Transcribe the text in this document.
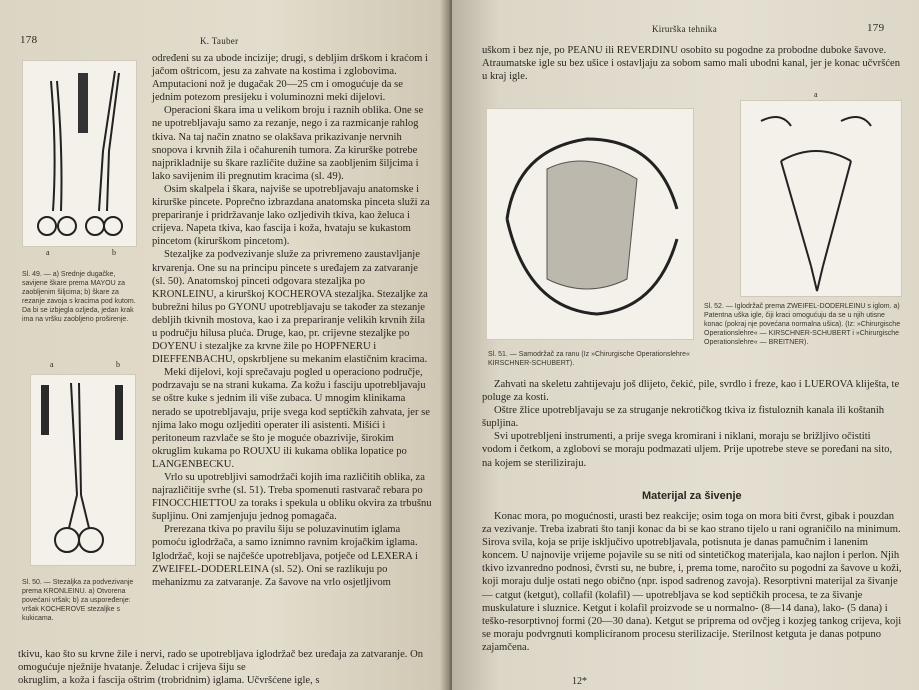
178	K. Tauber
a	b
Sl. 49. — a) Srednje dugačke, savijene škare prema MAYOU za zaobljenim šiljcima; b) škare za rezanje zavoja s kracima pod kutom. Da bi se izbjegla ozljeda, jedan krak ima na vršku zaobljeno proširenje.
a	b
Sl. 50. — Stezaljka za podvezivanje prema KRONLEINU. a) Otvorena povećani vršak; b) za uspoređenje: vršak KOCHEROVE stezaljke s kukicama.

određeni su za ubode incizije; drugi, s debljim drškom i kraćom i jačom oštricom, jesu za zahvate na kostima i zglobovima. Amputacioni nož je dugačak 20—25 cm i omogućuje da se jednim potezom presijeku i voluminozni meki dijelovi.

Operacioni škara ima u velikom broju i raznih oblika. One se ne upotrebljavaju samo za rezanje, nego i za razmicanje rahlog tkiva. Na taj način znatno se olakšava prikazivanje nervnih snopova i krvnih žila i očahurenih tumora. Za kirurške potrebe najprikladnije su škare različite dužine sa zaobljenim šiljcima i lako savijenim ili pregnutim kracima (sl. 49).

Osim skalpela i škara, najviše se upotrebljavaju anatomske i kirurške pincete. Poprečno izbrazdana anatomska pinceta služi za prepariranje i pridržavanje lako ozljedivih tkiva, kao želuca i crijeva. Napeta tkiva, kao fascija i koža, hvataju se kukastom pincetom (kirurškom pincetom).

Stezaljke za podvezivanje služe za privremeno zaustavljanje krvarenja. One su na principu pincete s uređajem za zatvaranje (sl. 50). Anatomskoj pinceti odgovara stezaljka po KRONLEINU, a kirurškoj KOCHEROVA stezaljka. Stezaljke za bubrežni hilus po GYONU upotrebljavaju se također za stezanje debljih tkivnih mostova, kao i za prepariranje velikih krvnih žila u području hilusa pluća. Druge, kao, pr. crijevne stezaljke po DOYENU i stezaljke za krvne žile po HOPFNERU i DIEFFENBACHU, opskrbljene su mekanim elastičnim kracima.

Meki dijelovi, koji sprečavaju pogled u operacionо područje, podrzavaju se na strani kukama. Za kožu i fasciju upotrebljavaju se oštre kuke s jednim ili više zubaca. U mnogim klinikama nerado se upotrebljavaju, prije svega kod septičkih zahvata, jer se njima lako mogu ozljediti operater ili asistenti. Mišići i peritoneum razvlače se što je moguće obazrivije, širokim okruglim kukama po ROUXU ili kukama oblika lopatice po LANGENBECKU.

Vrlo su upotrebljivi samodržači kojih ima različitih oblika, za najrazličitije svrhe (sl. 51). Treba spomenuti rastvarač rebara po FINOCCHIETTOU za toraks i spekula u obliku okvira za trbušnu šupljinu. Oni zamjenjuju jednog pomagača.

Prerezana tkiva po pravilu šiju se poluzavinutim iglama pomoću iglodržača, a samo iznimno ravnim krojačkim iglama. Iglodržač, koji se najčešće upotrebljava, potječe od LEXERA i ZWEIFEL-DODERLEINA (sl. 52). Oni se razlikuju po mehanizmu za zatvaranje. Za šavove na vrlo osjetljivom

tkivu, kao što su krvne žile i nervi, rado se upotrebljava iglodržač bez uređaja za zatvaranje. On omogućuje nježnije hvatanje. Želudac i crijeva šiju se

okruglim, a koža i fascija oštrim (trobridnim) iglama. Učvršćene igle, s

Kirurška tehnika	179

uškom i bez nje, po PEANU ili REVERDINU osobito su pogodne za probodne duboke šavove. Atraumatske igle su bez ušice i ostavljaju za sobom samo mali ubodni kanal, jer je konac učvršćen u kraj igle.

Sl. 51. — Samodržač za ranu (Iz »Chirurgische Operationslehre« KIRSCHNER-SCHUBERT).
a
Sl. 52. — Iglodržač prema ZWEIFEL-DODERLEINU s iglom. a) Patentna uška igle, čiji kraci omogućuju da se u njih utisne konac (pokraj nje povećana normalna ušica). (Iz: »Chirurgische Operationslehre« — KIRSCHNER-SCHUBERT i »Chirurgische Operationslehre« — BREITNER).

Zahvati na skeletu zahtijevaju još dlijeto, čekić, pile, svrdlo i freze, kao i LUEROVA kliješta, te poluge za kosti.

Oštre žlice upotrebljavaju se za struganje nekrotičkog tkiva iz fistuloznih kanala ili koštanih šupljina.

Svi upotrebljeni instrumenti, a prije svega kromirani i niklani, moraju se brižljivo očistiti vodom i četkom, a zglobovi se moraju podmazati uljem. Prije upotrebe steve se poređani na sito, na kojem se steriliziraju.

Materijal za šivenje

Konac mora, po mogućnosti, urasti bez reakcije; osim toga on mora biti čvrst, gibak i pouzdan za vezivanje. Treba izabrati što tanji konac da bi se kao strano tijelo u rani ograničilo na minimum. Sirova svila, koja se prije isključivo upotrebljavala, potisnuta je danas pamučnim i lanenim koncem. U najnovije vrijeme pojavile su se niti od sintetičkog materijala, kao najlon i perlon. Njih tkivo izvanredno podnosi, čvrsti su, ne bubre, i, prema tome, naročito su pogodni za šavove u koži, koji moraju dulje ostati nego obično (npr. ispod sadrenog zavoja). Resorptivni materijal za šivanje — catgut (ketgut), collafil (kolafil) — upotrebljava se kod septičkih procesa, te za šivanje muskulature i sluznice. Ketgut i kolafil proizvode se u normalno- (8—14 dana), lako- (5 dana) i teško-resorptivnoj formi (20—30 dana). Ketgut se priprema od ovčjeg i kozjeg tankog crijeva, koji se moraju podvrgnuti komplicíranom procesu sterilizacije. Sterilnost ketguta je danas potpuno zajamčena.

12*
